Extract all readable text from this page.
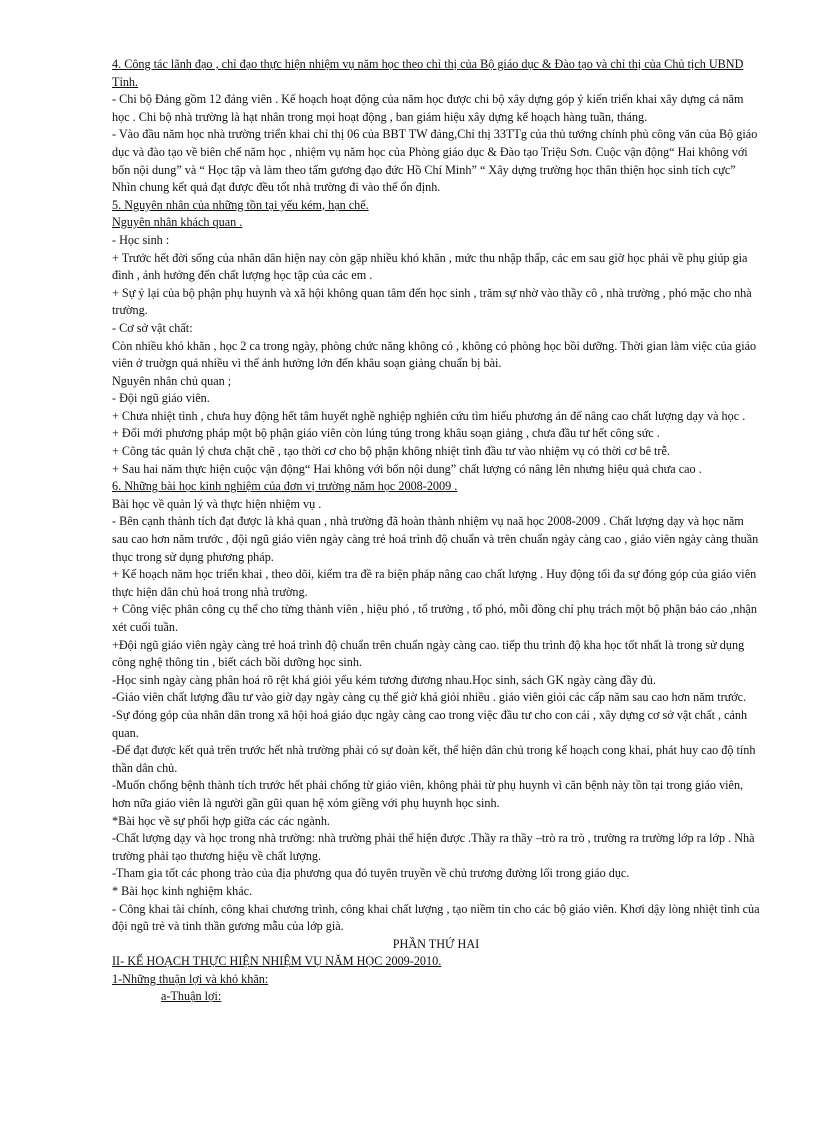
4. Công tác lãnh đạo , chỉ đạo thực hiện nhiệm vụ năm học theo chỉ thị của Bộ giáo dục & Đào tạo và chỉ thị của Chủ tịch UBND Tỉnh.

- Chi bộ Đảng gồm 12 đảng viên . Kế hoạch hoạt động của năm học được chi bộ xây dựng góp ý kiến triển khai xây dựng cả năm học . Chi bộ nhà trường là hạt nhân trong mọi hoạt động , ban giám hiệu xây dựng kế hoạch hàng tuần, tháng.

- Vào đầu năm học nhà trường triển khai chỉ thị 06 của BBT TW đảng,Chỉ thị 33TTg của thủ tướng chính phủ công văn của Bộ giáo dục và đào tạo về biên chế năm học , nhiệm vụ năm học của Phòng giáo dục & Đào tạo Triệu Sơn. Cuộc vận động“ Hai không với bốn nội dung” và “ Học tập và làm theo tấm gương đạo đức Hồ Chí Minh” “ Xây dựng trường học thân thiện học sinh tích cực” Nhìn chung kết quả đạt được đều tốt nhà trường đi vào thế ổn định.

5. Nguyên nhân của những tồn tại yếu kém, hạn chế.

Nguyên nhân khách quan .

- Học sinh :

+ Trước hết đời sống của nhân dân hiện nay còn gặp nhiều khó khăn , mức thu nhập thấp, các em sau giờ học phải về phụ giúp gia đình , ảnh hưởng đến chất lượng học tập của các em .

+ Sự ỷ lại của bộ phận phụ huynh và xã hội không quan tâm đến học sinh , trăm sự nhờ vào thầy cô , nhà trường , phó mặc cho nhà trường.

- Cơ sở vật chất:

Còn nhiều khó khăn , học 2 ca trong ngày, phòng chức năng không có , không có phòng học bồi dưỡng. Thời gian làm việc của giáo viên ở truờgn quá nhiều vì thế ảnh hưởng lớn đến khâu soạn giảng chuẩn bị bài.

Nguyên nhân chủ quan ;

- Đội ngũ giáo viên.

+ Chưa nhiệt tình , chưa huy động hết tâm huyết nghề nghiệp nghiên cứu tìm hiểu phương án để nâng cao chất lượng dạy và học .

+ Đổi mới phương pháp một bộ phận giáo viên còn lúng túng trong khâu soạn giảng , chưa đầu tư hết công sức .

+ Công tác quản lý chưa chặt chẽ , tạo thời cơ cho bộ phận không nhiệt tình đầu tư vào nhiệm vụ có thời cơ bê trễ.

+ Sau hai năm thực hiện cuộc vận động“ Hai không với bốn nội dung” chất lượng có nâng lên nhưng hiệu quả chưa cao .

6. Những bài học kinh nghiệm của đơn vị trường năm học 2008-2009 .

Bài học về quản lý và thực hiện nhiệm vụ .

- Bên cạnh thành tích đạt được là khả quan , nhà trường đã hoàn thành nhiệm vụ naă học 2008-2009 . Chất lượng dạy và học năm sau cao hơn năm trước , đội ngũ giáo viên ngày càng trẻ hoá trình độ chuẩn và trên chuẩn ngày càng cao , giáo viên ngày càng thuần thục trong sử dụng phương pháp.

+ Kế hoạch năm học triển khai , theo dõi, kiểm tra đề ra biện pháp nâng cao chất lượng . Huy động tối đa sự đóng góp của giáo viên thực hiện dân chủ hoá trong nhà trường.

+ Công việc phân công cụ thể cho từng thành viên , hiệu phó , tổ trưởng , tổ phó, mỗi đồng chí phụ trách một bộ phận báo cáo ,nhận xét cuối tuần.

+Đội ngũ giáo viên ngày càng trẻ hoá trình độ chuẩn trên chuẩn ngày càng cao. tiếp thu trình độ kha học tốt nhất là trong sử dụng công nghệ thông tin , biết cách bồi dưỡng học sinh.

-Học sinh ngày càng phân hoá rõ rệt khá giỏi yếu kém tương đương nhau.Học sinh, sách GK ngày càng đầy đủ.

-Giáo viên chất lượng đầu tư vào giờ dạy ngày càng cụ thể giờ khá giỏi nhiều . giáo viên giỏi các cấp năm sau cao hơn năm trước.

-Sự đóng góp của nhân dân trong xã hội hoá giáo dục ngày càng cao trong việc đầu tư cho con cái , xây dựng cơ sở vật chất , cảnh quan.

-Để đạt được kết quả trên trước hết nhà trường phải có sự đoàn kết, thể hiện dân chủ trong kế hoạch cong khai, phát huy cao độ tính thần dân chủ.

-Muốn chống bệnh thành tích trước hết phải chống từ giáo viên, không phải từ phụ huynh vì căn bệnh này tồn tại trong giáo viên, hơn nữa giáo viên là người gần gũi quan hệ xóm giềng với phụ huynh học sinh.

*Bài học về sự phối hợp giữa các các ngành.

-Chất lượng dạy và học trong nhà trường: nhà trường phải thể hiện được .Thầy ra thầy –trò ra trò , trường ra trường lớp ra lớp . Nhà trường phải tạo thương hiệu về chất lượng.

-Tham gia tốt các phong trào của địa phương qua đó tuyên truyền về chủ trương đường lối trong giáo dục.

* Bài học kinh nghiệm khác.

- Công khai tài chính, công khai chương trình, công khai chất lượng , tạo niềm tin cho các bộ giáo viên. Khơi dậy lòng nhiệt tình của đội ngũ trẻ và tinh thần gương mẫu của lớp già.

PHẦN THỨ HAI

II- KẾ HOẠCH THỰC HIỆN NHIỆM VỤ NĂM HỌC 2009-2010.

1-Những thuận lợi và khó khăn:

a-Thuận lợi:
